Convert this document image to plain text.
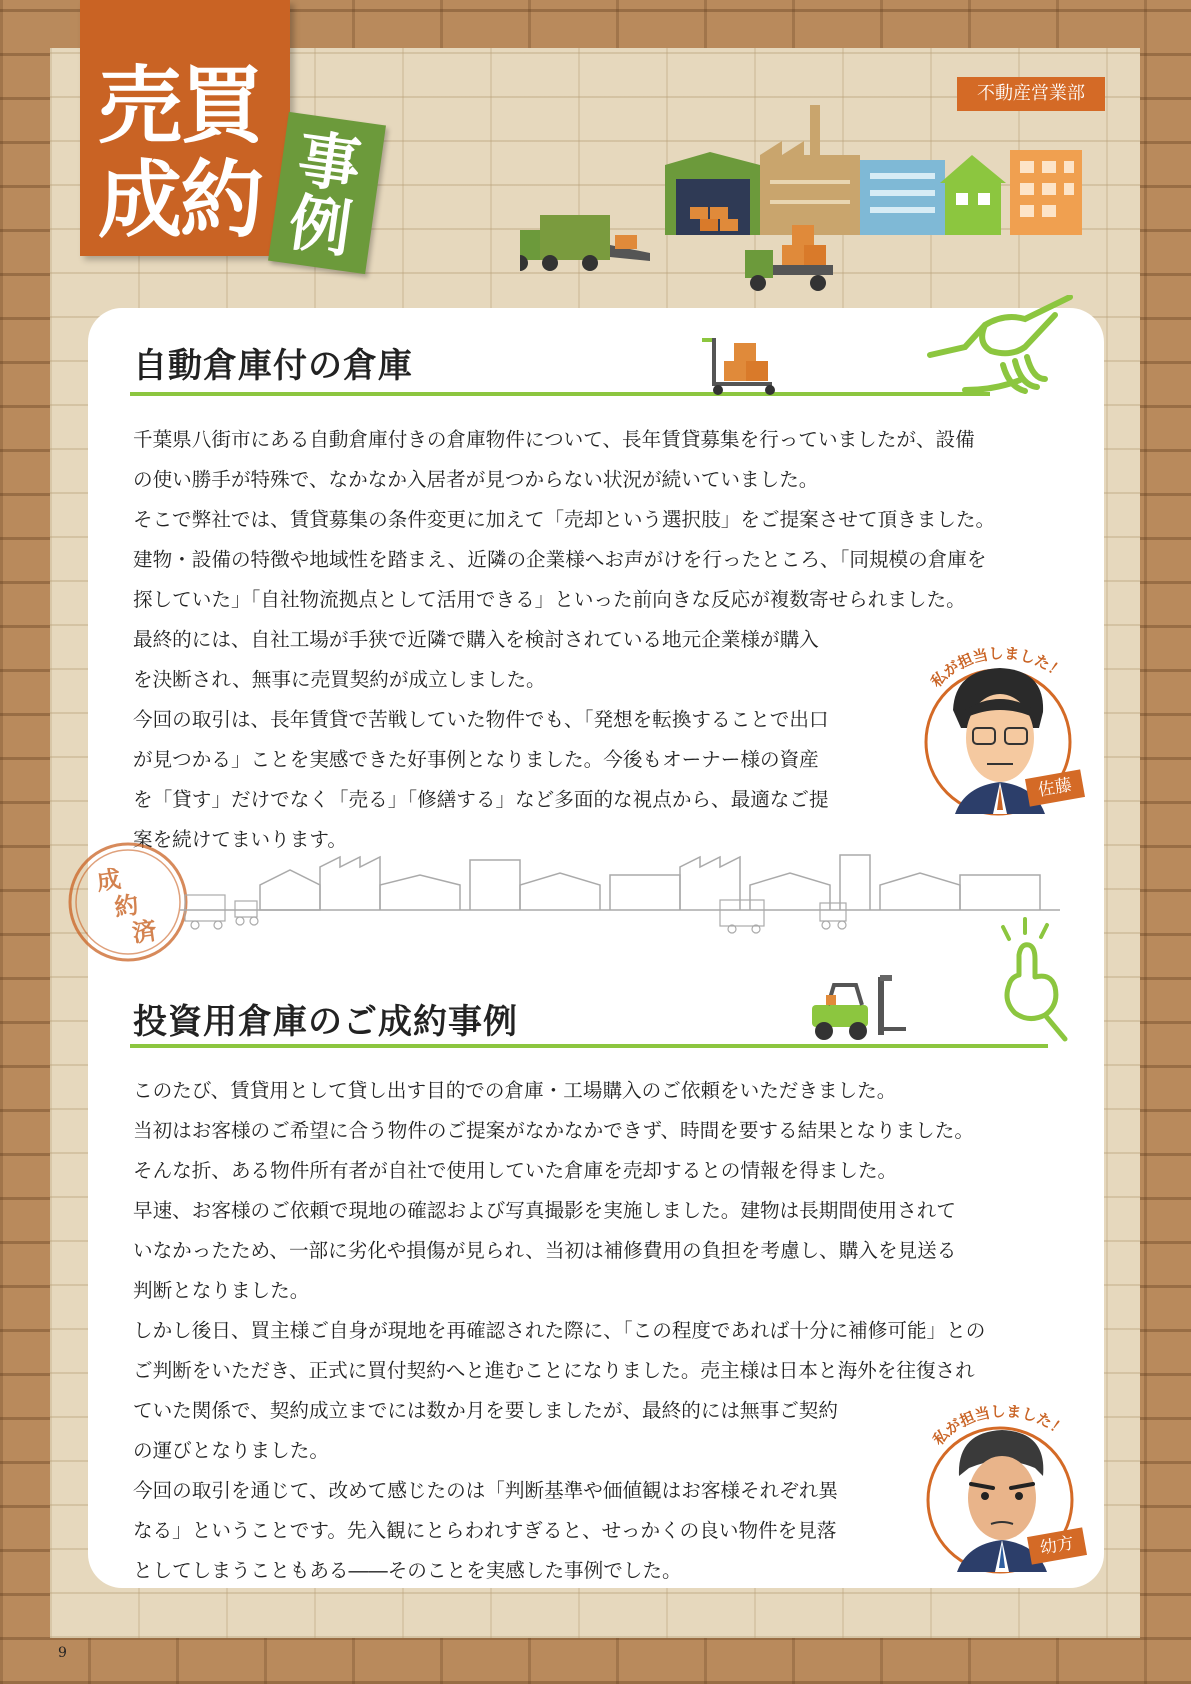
売買
成約 事
例
不動産営業部
自動倉庫付の倉庫

千葉県八街市にある自動倉庫付きの倉庫物件について、長年賃貸募集を行っていましたが、設備
の使い勝手が特殊で、なかなか入居者が見つからない状況が続いていました。
そこで弊社では、賃貸募集の条件変更に加えて「売却という選択肢」をご提案させて頂きました。
建物・設備の特徴や地域性を踏まえ、近隣の企業様へお声がけを行ったところ、「同規模の倉庫を
探していた」「自社物流拠点として活用できる」といった前向きな反応が複数寄せられました。
最終的には、自社工場が手狭で近隣で購入を検討されている地元企業様が購入
を決断され、無事に売買契約が成立しました。
今回の取引は、長年賃貸で苦戦していた物件でも、「発想を転換することで出口
が見つかる」ことを実感できた好事例となりました。今後もオーナー様の資産
を「貸す」だけでなく「売る」「修繕する」など多面的な視点から、最適なご提
案を続けてまいります。

私が担当しました！
佐藤
成
約
済
投資用倉庫のご成約事例

このたび、賃貸用として貸し出す目的での倉庫・工場購入のご依頼をいただきました。
当初はお客様のご希望に合う物件のご提案がなかなかできず、時間を要する結果となりました。
そんな折、ある物件所有者が自社で使用していた倉庫を売却するとの情報を得ました。
早速、お客様のご依頼で現地の確認および写真撮影を実施しました。建物は長期間使用されて
いなかったため、一部に劣化や損傷が見られ、当初は補修費用の負担を考慮し、購入を見送る
判断となりました。
しかし後日、買主様ご自身が現地を再確認された際に、「この程度であれば十分に補修可能」との
ご判断をいただき、正式に買付契約へと進むことになりました。売主様は日本と海外を往復され
ていた関係で、契約成立までには数か月を要しましたが、最終的には無事ご契約
の運びとなりました。
今回の取引を通じて、改めて感じたのは「判断基準や価値観はお客様それぞれ異
なる」ということです。先入観にとらわれすぎると、せっかくの良い物件を見落
としてしまうこともある――そのことを実感した事例でした。

私が担当しました！
幼方
9
